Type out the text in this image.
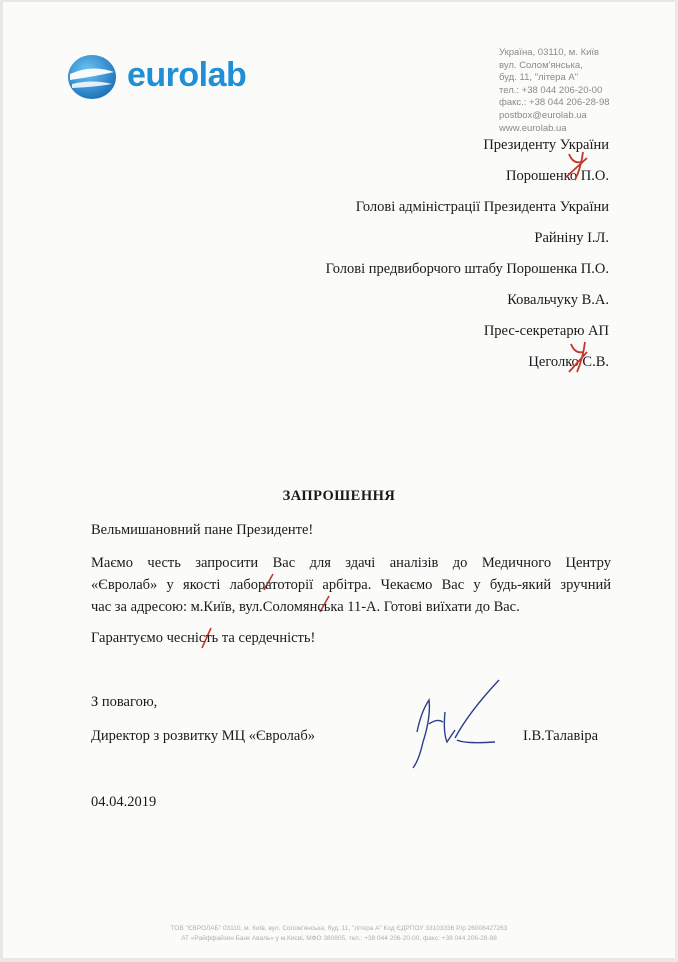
eurolab
Україна, 03110, м. Київ
вул. Солом'янська,
буд. 11, "літера А"
тел.: +38 044 206-20-00
факс.: +38 044 206-28-98
postbox@eurolab.ua
www.eurolab.ua
Президенту України
Порошенко П.О.
Голові адміністрації Президента України
Райніну І.Л.
Голові предвиборчого штабу Порошенка П.О.
Ковальчуку В.А.
Прес-секретарю АП
Цеголко С.В.
ЗАПРОШЕННЯ
Вельмишановний пане Президенте!
Маємо честь запросити Вас для здачі аналізів до Медичного Центру
«Євролаб» у якості лаборатоторії арбітра. Чекаємо Вас у будь-який зручний
час за адресою: м.Київ, вул.Соломянська 11-А. Готові виїхати до Вас.
Гарантуємо чесність та сердечність!
З повагою,
Директор з розвитку МЦ «Євролаб»	І.В.Талавіра
04.04.2019
ТОВ "ЄВРОЛАБ" 03110, м. Київ, вул. Солом'янська, буд. 11, "літера А" Код ЄДРПОУ 33103336 Р/р 26008427263
АТ «Райффайзен Банк Аваль» у м.Києві, МФО 380805, тел.: +38 044 206-20-00, факс: +38 044 206-28-98
